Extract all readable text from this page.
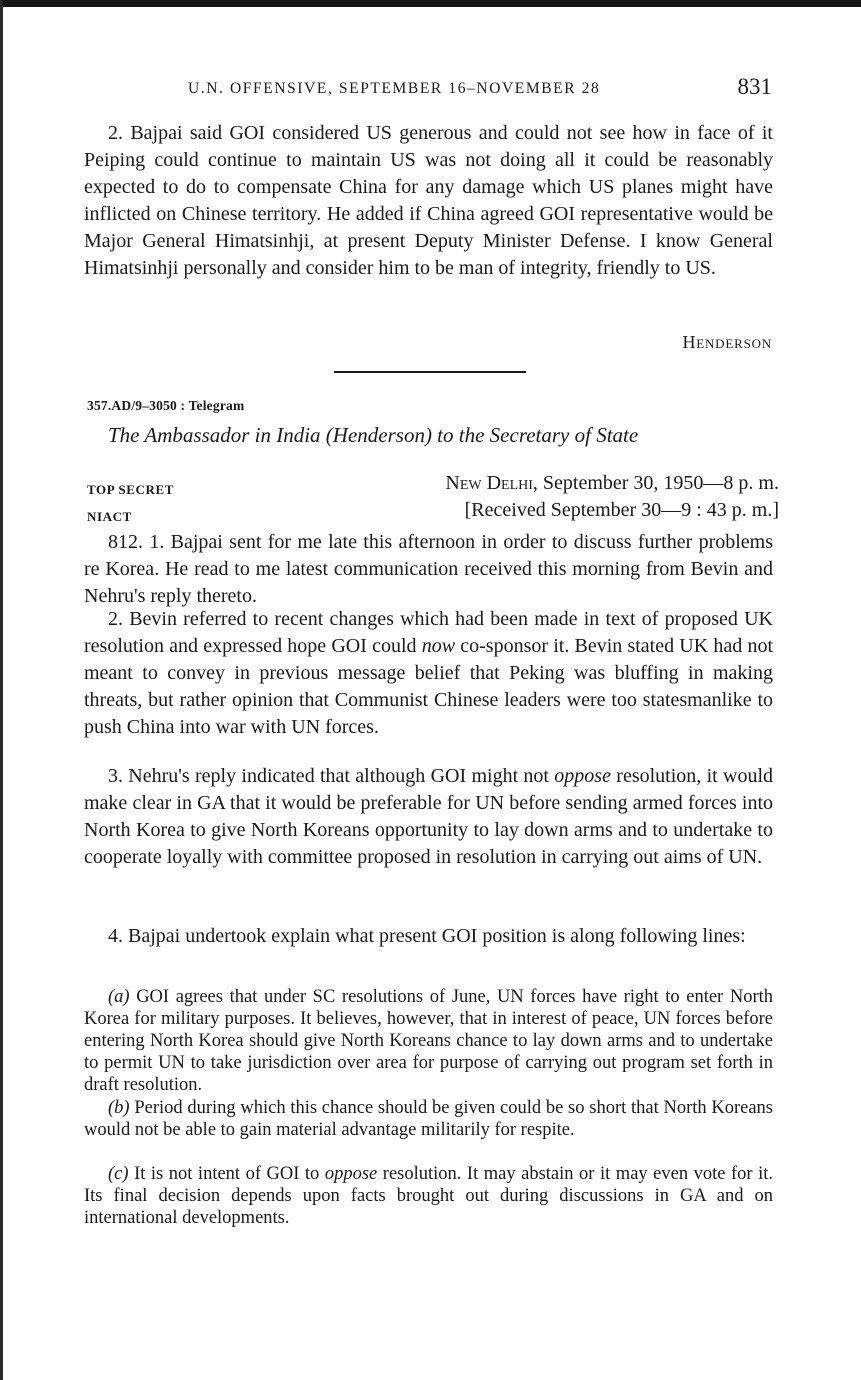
U.N. OFFENSIVE, SEPTEMBER 16–NOVEMBER 28	831

2. Bajpai said GOI considered US generous and could not see how in face of it Peiping could continue to maintain US was not doing all it could be reasonably expected to do to compensate China for any damage which US planes might have inflicted on Chinese territory. He added if China agreed GOI representative would be Major General Himatsinhji, at present Deputy Minister Defense. I know General Himatsinhji personally and consider him to be man of integrity, friendly to US.

Henderson
357.AD/9–3050 : Telegram
The Ambassador in India (Henderson) to the Secretary of State
TOP SECRET	New Delhi, September 30, 1950—8 p. m.
NIACT	[Received September 30—9 : 43 p. m.]

812. 1. Bajpai sent for me late this afternoon in order to discuss further problems re Korea. He read to me latest communication received this morning from Bevin and Nehru's reply thereto.

2. Bevin referred to recent changes which had been made in text of proposed UK resolution and expressed hope GOI could now co-sponsor it. Bevin stated UK had not meant to convey in previous message belief that Peking was bluffing in making threats, but rather opinion that Communist Chinese leaders were too statesmanlike to push China into war with UN forces.

3. Nehru's reply indicated that although GOI might not oppose resolution, it would make clear in GA that it would be preferable for UN before sending armed forces into North Korea to give North Koreans opportunity to lay down arms and to undertake to cooperate loyally with committee proposed in resolution in carrying out aims of UN.

4. Bajpai undertook explain what present GOI position is along following lines:

(a) GOI agrees that under SC resolutions of June, UN forces have right to enter North Korea for military purposes. It believes, however, that in interest of peace, UN forces before entering North Korea should give North Koreans chance to lay down arms and to undertake to permit UN to take jurisdiction over area for purpose of carrying out program set forth in draft resolution.

(b) Period during which this chance should be given could be so short that North Koreans would not be able to gain material advantage militarily for respite.

(c) It is not intent of GOI to oppose resolution. It may abstain or it may even vote for it. Its final decision depends upon facts brought out during discussions in GA and on international developments.
